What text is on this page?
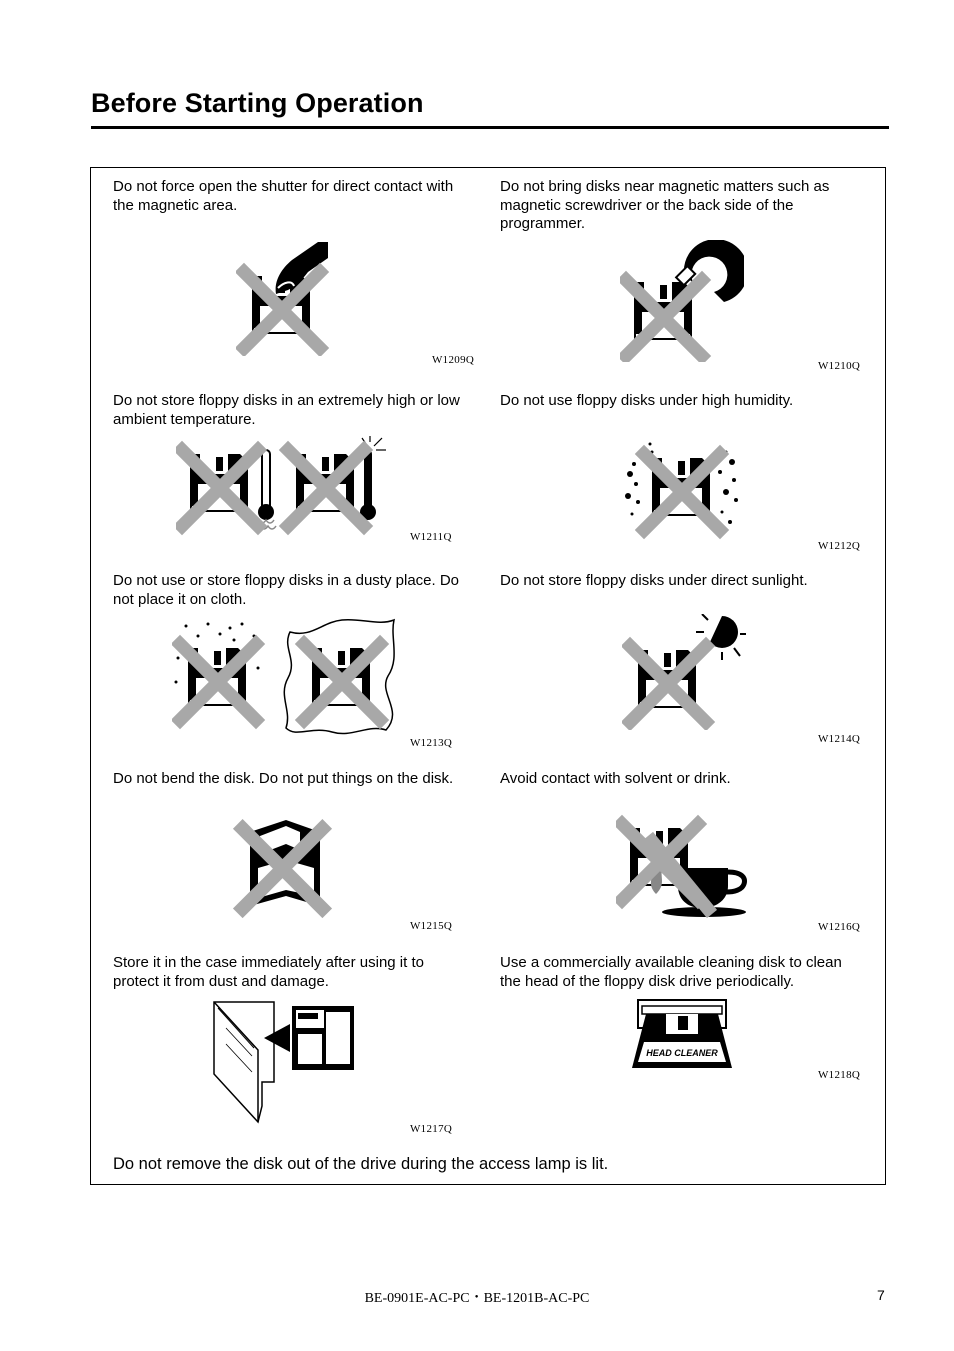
Before Starting Operation

Do not force open the shutter for direct contact with the magnetic area.

W1209Q

Do not bring disks near magnetic matters such as magnetic screwdriver or the back side of the programmer.

W1210Q

Do not store floppy disks in an extremely high or low ambient temperature.

W1211Q

Do not use floppy disks under high humidity.

W1212Q

Do not use or store floppy disks in a dusty place. Do not place it on cloth.

W1213Q

Do not store floppy disks under direct sunlight.

W1214Q

Do not bend the disk. Do not put things on the disk.

W1215Q

Avoid contact with solvent or drink.

W1216Q

Store it in the case immediately after using it to protect it from dust and damage.

W1217Q

Use a commercially available cleaning disk to clean the head of the floppy disk drive periodically.

HEAD CLEANER
W1218Q

Do not remove the disk out of the drive during the access lamp is lit.

BE-0901E-AC-PC・BE-1201B-AC-PC	7
